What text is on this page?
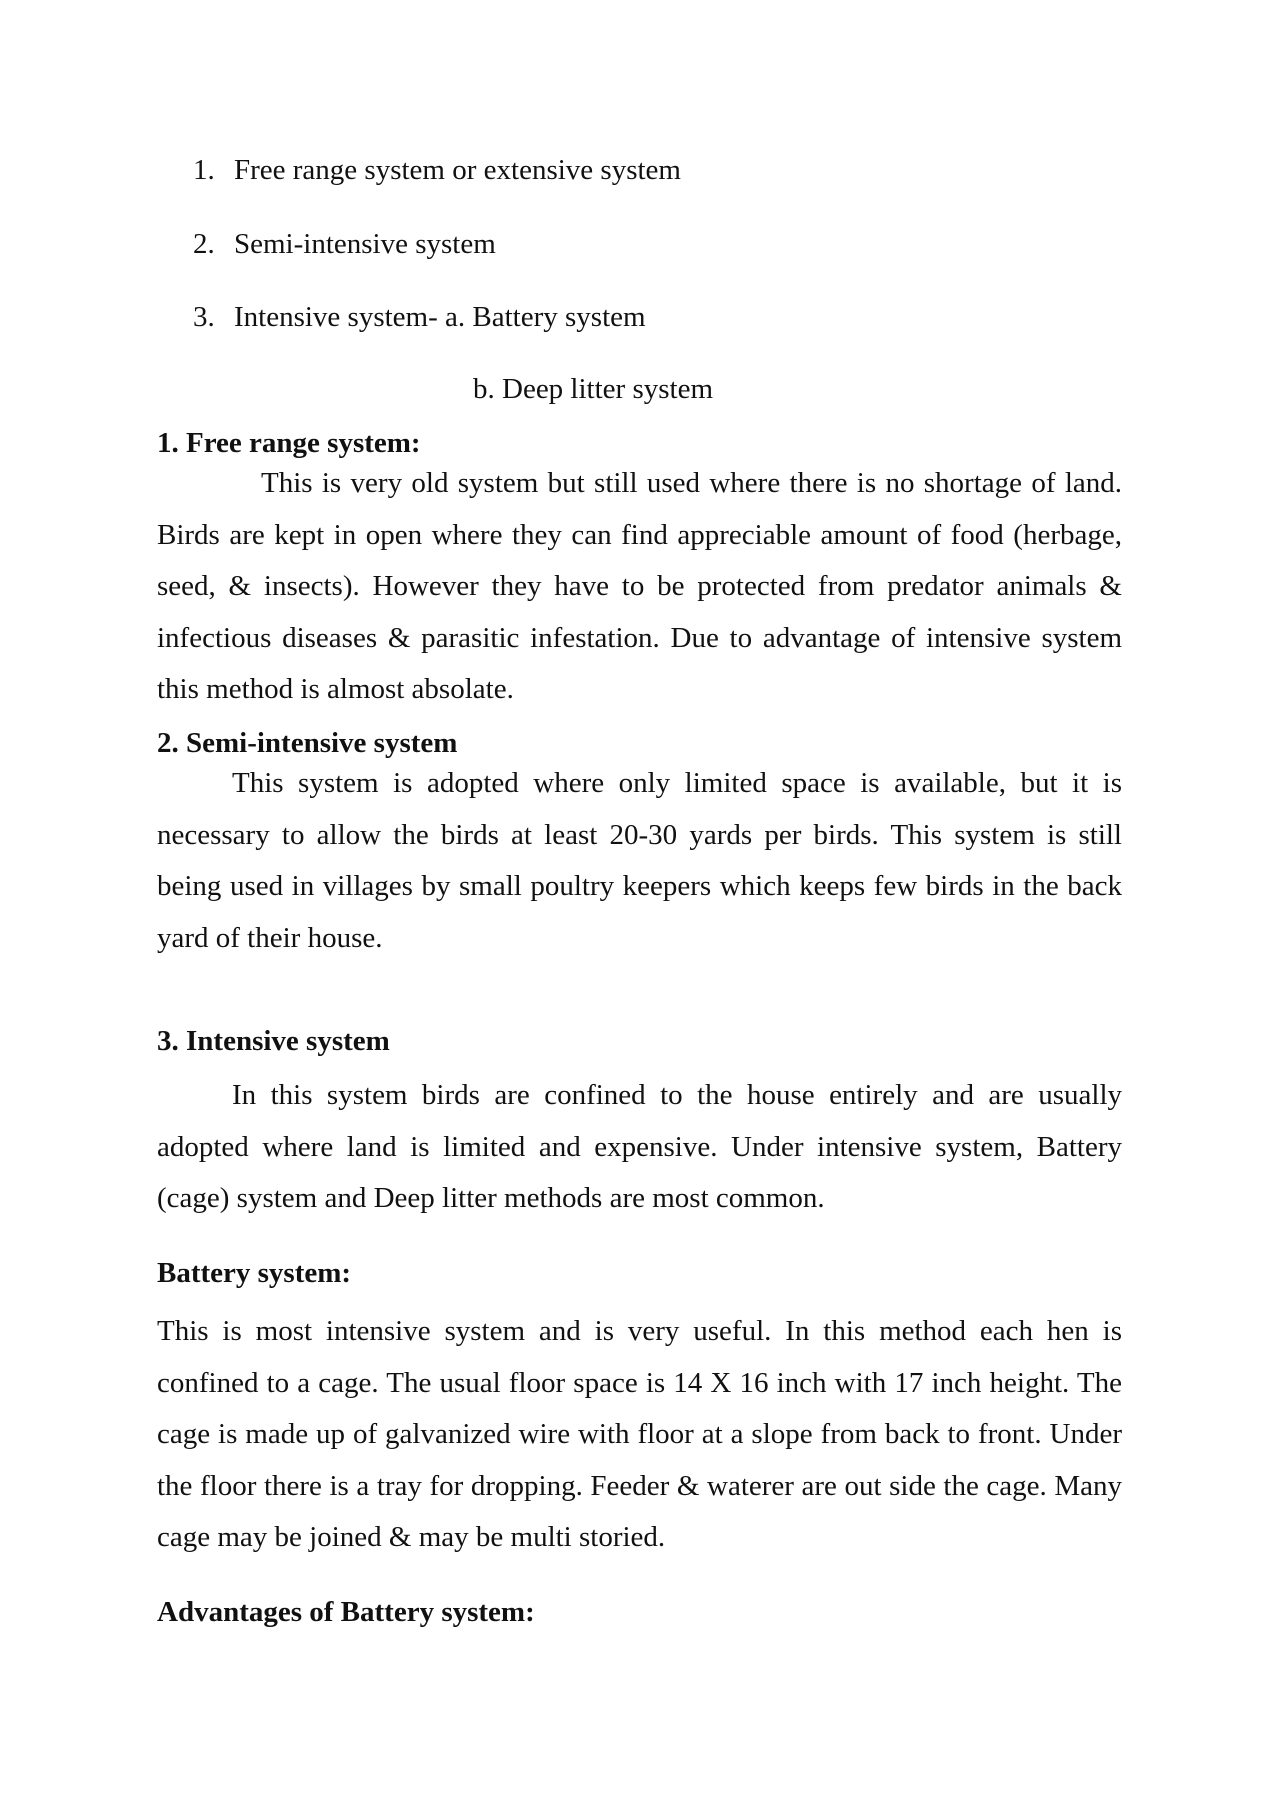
1. Free range system or extensive system
2. Semi-intensive system
3. Intensive system- a. Battery system
b. Deep litter system
1. Free range system:

This is very old system but still used where there is no shortage of land. Birds are kept in open where they can find appreciable amount of food (herbage, seed, & insects). However they have to be protected from predator animals & infectious diseases & parasitic infestation. Due to advantage of intensive system this method is almost absolate.

2. Semi-intensive system

This system is adopted where only limited space is available, but it is necessary to allow the birds at least 20-30 yards per birds. This system is still being used in villages by small poultry keepers which keeps few birds in the back yard of their house.

3. Intensive system

In this system birds are confined to the house entirely and are usually adopted where land is limited and expensive. Under intensive system, Battery (cage) system and Deep litter methods are most common.

Battery system:

This is most intensive system and is very useful. In this method each hen is confined to a cage. The usual floor space is 14 X 16 inch with 17 inch height. The cage is made up of galvanized wire with floor at a slope from back to front. Under the floor there is a tray for dropping. Feeder & waterer are out side the cage. Many cage may be joined & may be multi storied.

Advantages of Battery system:
